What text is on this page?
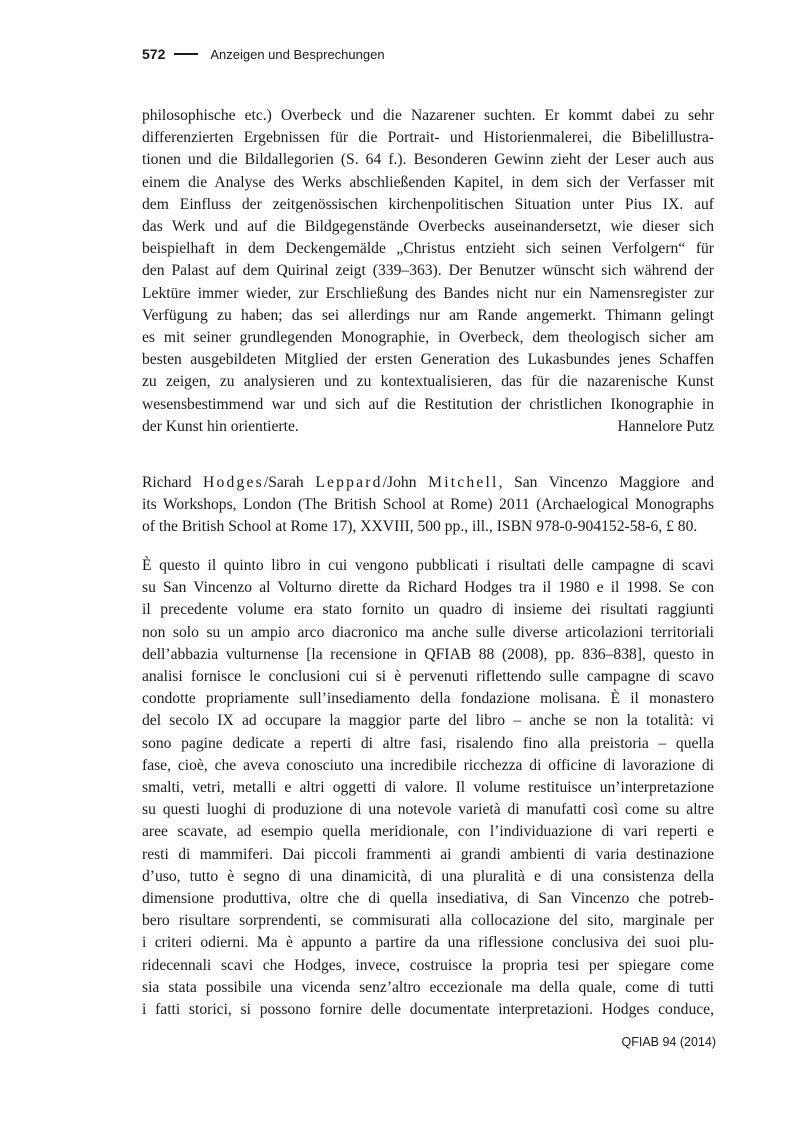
572	Anzeigen und Besprechungen

philosophische etc.) Overbeck und die Nazarener suchten. Er kommt dabei zu sehr
differenzierten Ergebnissen für die Portrait- und Historienmalerei, die Bibelillustra-
tionen und die Bildallegorien (S. 64 f.). Besonderen Gewinn zieht der Leser auch aus
einem die Analyse des Werks abschließenden Kapitel, in dem sich der Verfasser mit
dem Einfluss der zeitgenössischen kirchenpolitischen Situation unter Pius IX. auf
das Werk und auf die Bildgegenstände Overbecks auseinandersetzt, wie dieser sich
beispielhaft in dem Deckengemälde „Christus entzieht sich seinen Verfolgern“ für
den Palast auf dem Quirinal zeigt (339–363). Der Benutzer wünscht sich während der
Lektüre immer wieder, zur Erschließung des Bandes nicht nur ein Namensregister zur
Verfügung zu haben; das sei allerdings nur am Rande angemerkt. Thimann gelingt
es mit seiner grundlegenden Monographie, in Overbeck, dem theologisch sicher am
besten ausgebildeten Mitglied der ersten Generation des Lukasbundes jenes Schaffen
zu zeigen, zu analysieren und zu kontextualisieren, das für die nazarenische Kunst
wesensbestimmend war und sich auf die Restitution der christlichen Ikonographie in
der Kunst hin orientierte.	Hannelore Putz

Richard Hodges/Sarah Leppard/John Mitchell, San Vincenzo Maggiore and
its Workshops, London (The British School at Rome) 2011 (Archaelogical Monographs
of the British School at Rome 17), XXVIII, 500 pp., ill., ISBN 978-0-904152-58-6, £ 80.

È questo il quinto libro in cui vengono pubblicati i risultati delle campagne di scavi
su San Vincenzo al Volturno dirette da Richard Hodges tra il 1980 e il 1998. Se con
il precedente volume era stato fornito un quadro di insieme dei risultati raggiunti
non solo su un ampio arco diacronico ma anche sulle diverse articolazioni territoriali
dell’abbazia vulturnense [la recensione in QFIAB 88 (2008), pp. 836–838], questo in
analisi fornisce le conclusioni cui si è pervenuti riflettendo sulle campagne di scavo
condotte propriamente sull’insediamento della fondazione molisana. È il monastero
del secolo IX ad occupare la maggior parte del libro – anche se non la totalità: vi
sono pagine dedicate a reperti di altre fasi, risalendo fino alla preistoria – quella
fase, cioè, che aveva conosciuto una incredibile ricchezza di officine di lavorazione di
smalti, vetri, metalli e altri oggetti di valore. Il volume restituisce un’interpretazione
su questi luoghi di produzione di una notevole varietà di manufatti così come su altre
aree scavate, ad esempio quella meridionale, con l’individuazione di vari reperti e
resti di mammiferi. Dai piccoli frammenti ai grandi ambienti di varia destinazione
d’uso, tutto è segno di una dinamicità, di una pluralità e di una consistenza della
dimensione produttiva, oltre che di quella insediativa, di San Vincenzo che potreb-
bero risultare sorprendenti, se commisurati alla collocazione del sito, marginale per
i criteri odierni. Ma è appunto a partire da una riflessione conclusiva dei suoi plu-
ridecennali scavi che Hodges, invece, costruisce la propria tesi per spiegare come
sia stata possibile una vicenda senz’altro eccezionale ma della quale, come di tutti
i fatti storici, si possono fornire delle documentate interpretazioni. Hodges conduce,

QFIAB 94 (2014)
